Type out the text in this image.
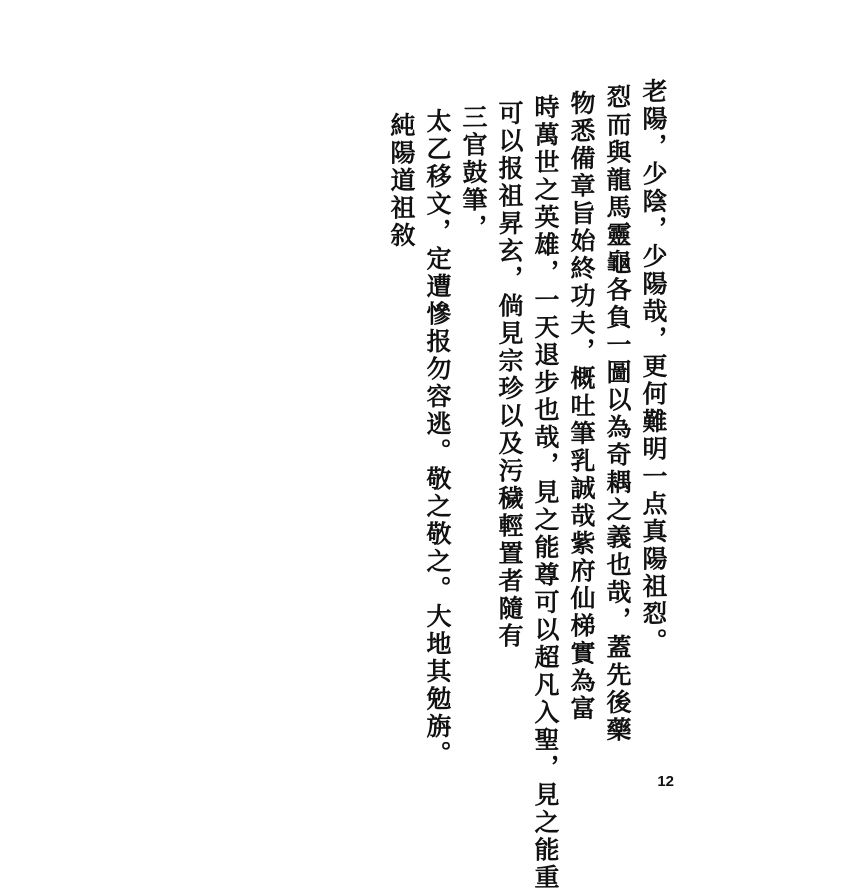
老陽，少陰，少陽哉，更何難明一点真陽祖㤠。
㤠而與龍馬靈龜各負一圖以為奇耦之義也哉，蓋先後藥
物悉備章旨始終功夫，概吐筆乳誠哉紫府仙梯實為富
時萬世之英雄，一天退步也哉，見之能尊可以超凡入聖，見之能重
可以报祖昇玄，倘見宗珍以及污穢輕置者隨有
三官鼓筆，
太乙移文，定遭慘报勿容逃。敬之敬之。大地其勉旃。
純陽道祖敘
12
